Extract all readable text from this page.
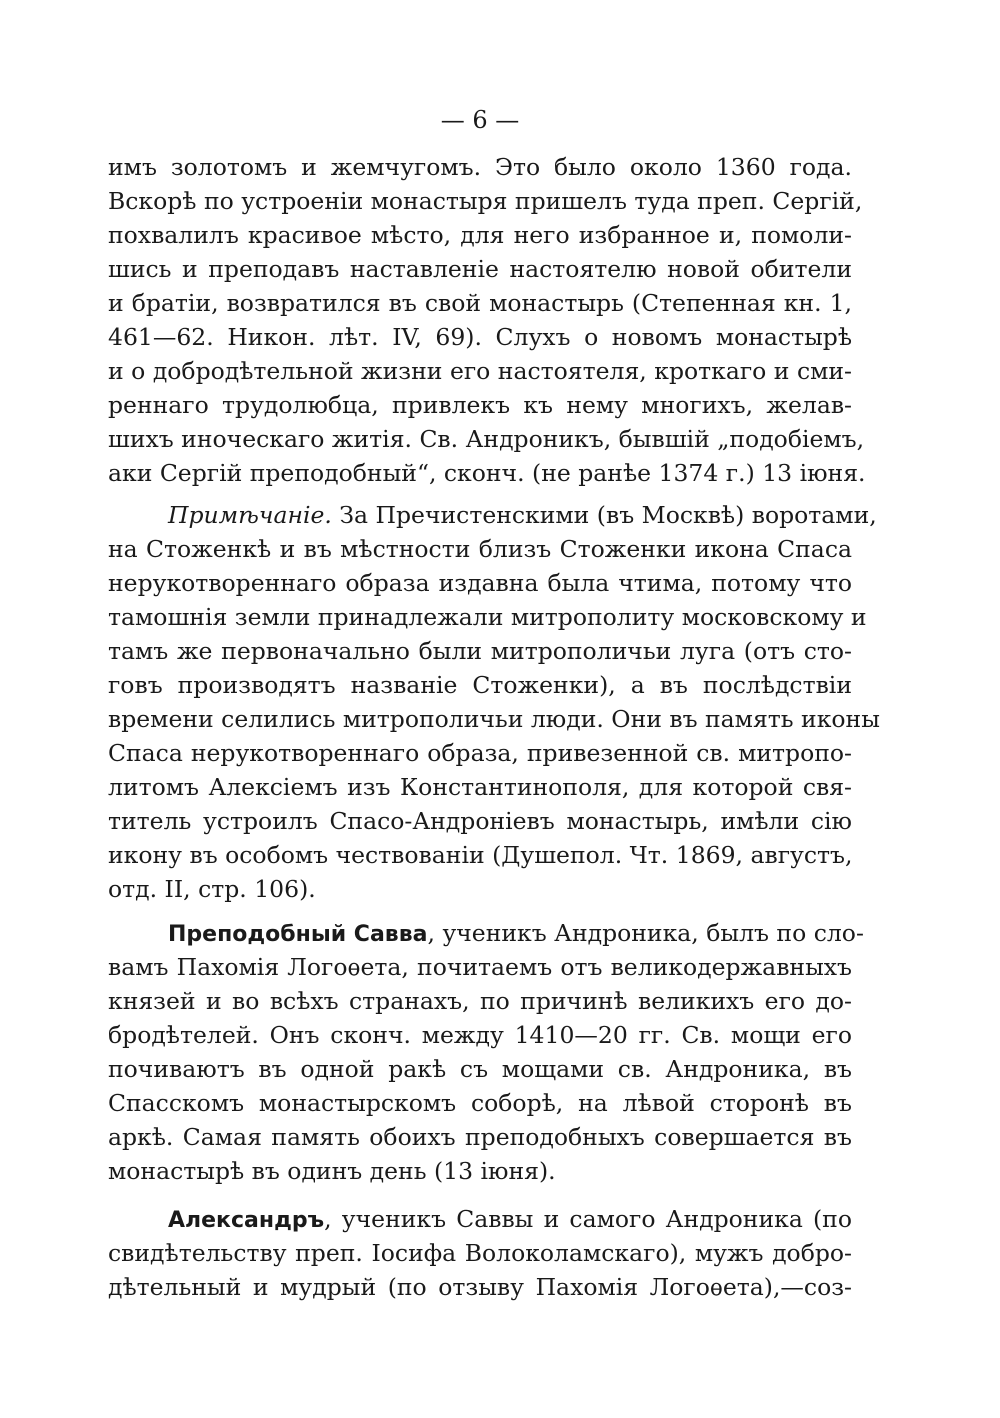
— 6 —
имъ золотомъ и жемчугомъ. Это было около 1360 года.
Вскорѣ по устроеніи монастыря пришелъ туда преп. Сергій,
похвалилъ красивое мѣсто, для него избранное и, помоли-
шись и преподавъ наставленіе настоятелю новой обители
и братіи, возвратился въ свой монастырь (Степенная кн. 1,
461—62. Никон. лѣт. IV, 69). Слухъ о новомъ монастырѣ
и о добродѣтельной жизни его настоятеля, кроткаго и сми-
реннаго трудолюбца, привлекъ къ нему многихъ, желав-
шихъ иноческаго житія. Св. Андроникъ, бывшій „подобіемъ,
аки Сергій преподобный“, сконч. (не ранѣе 1374 г.) 13 іюня.
Примѣчаніе. За Пречистенскими (въ Москвѣ) воротами,
на Стоженкѣ и въ мѣстности близъ Стоженки икона Спаса
нерукотвореннаго образа издавна была чтима, потому что
тамошнія земли принадлежали митрополиту московскому и
тамъ же первоначально были митрополичьи луга (отъ сто-
говъ производятъ названіе Стоженки), а въ послѣдствіи
времени селились митрополичьи люди. Они въ память иконы
Спаса нерукотвореннаго образа, привезенной св. митропо-
литомъ Алексіемъ изъ Константинополя, для которой свя-
титель устроилъ Спасо-Андроніевъ монастырь, имѣли сію
икону въ особомъ чествованіи (Душепол. Чт. 1869, августъ,
отд. II, стр. 106).
Преподобный Савва, ученикъ Андроника, былъ по сло-
вамъ Пахомія Логоѳета, почитаемъ отъ великодержавныхъ
князей и во всѣхъ странахъ, по причинѣ великихъ его до-
бродѣтелей. Онъ сконч. между 1410—20 гг. Св. мощи его
почиваютъ въ одной ракѣ съ мощами св. Андроника, въ
Спасскомъ монастырскомъ соборѣ, на лѣвой сторонѣ въ
аркѣ. Самая память обоихъ преподобныхъ совершается въ
монастырѣ въ одинъ день (13 іюня).
Александръ, ученикъ Саввы и самого Андроника (по
свидѣтельству преп. Іосифа Волоколамскаго), мужъ добро-
дѣтельный и мудрый (по отзыву Пахомія Логоѳета),—соз-
